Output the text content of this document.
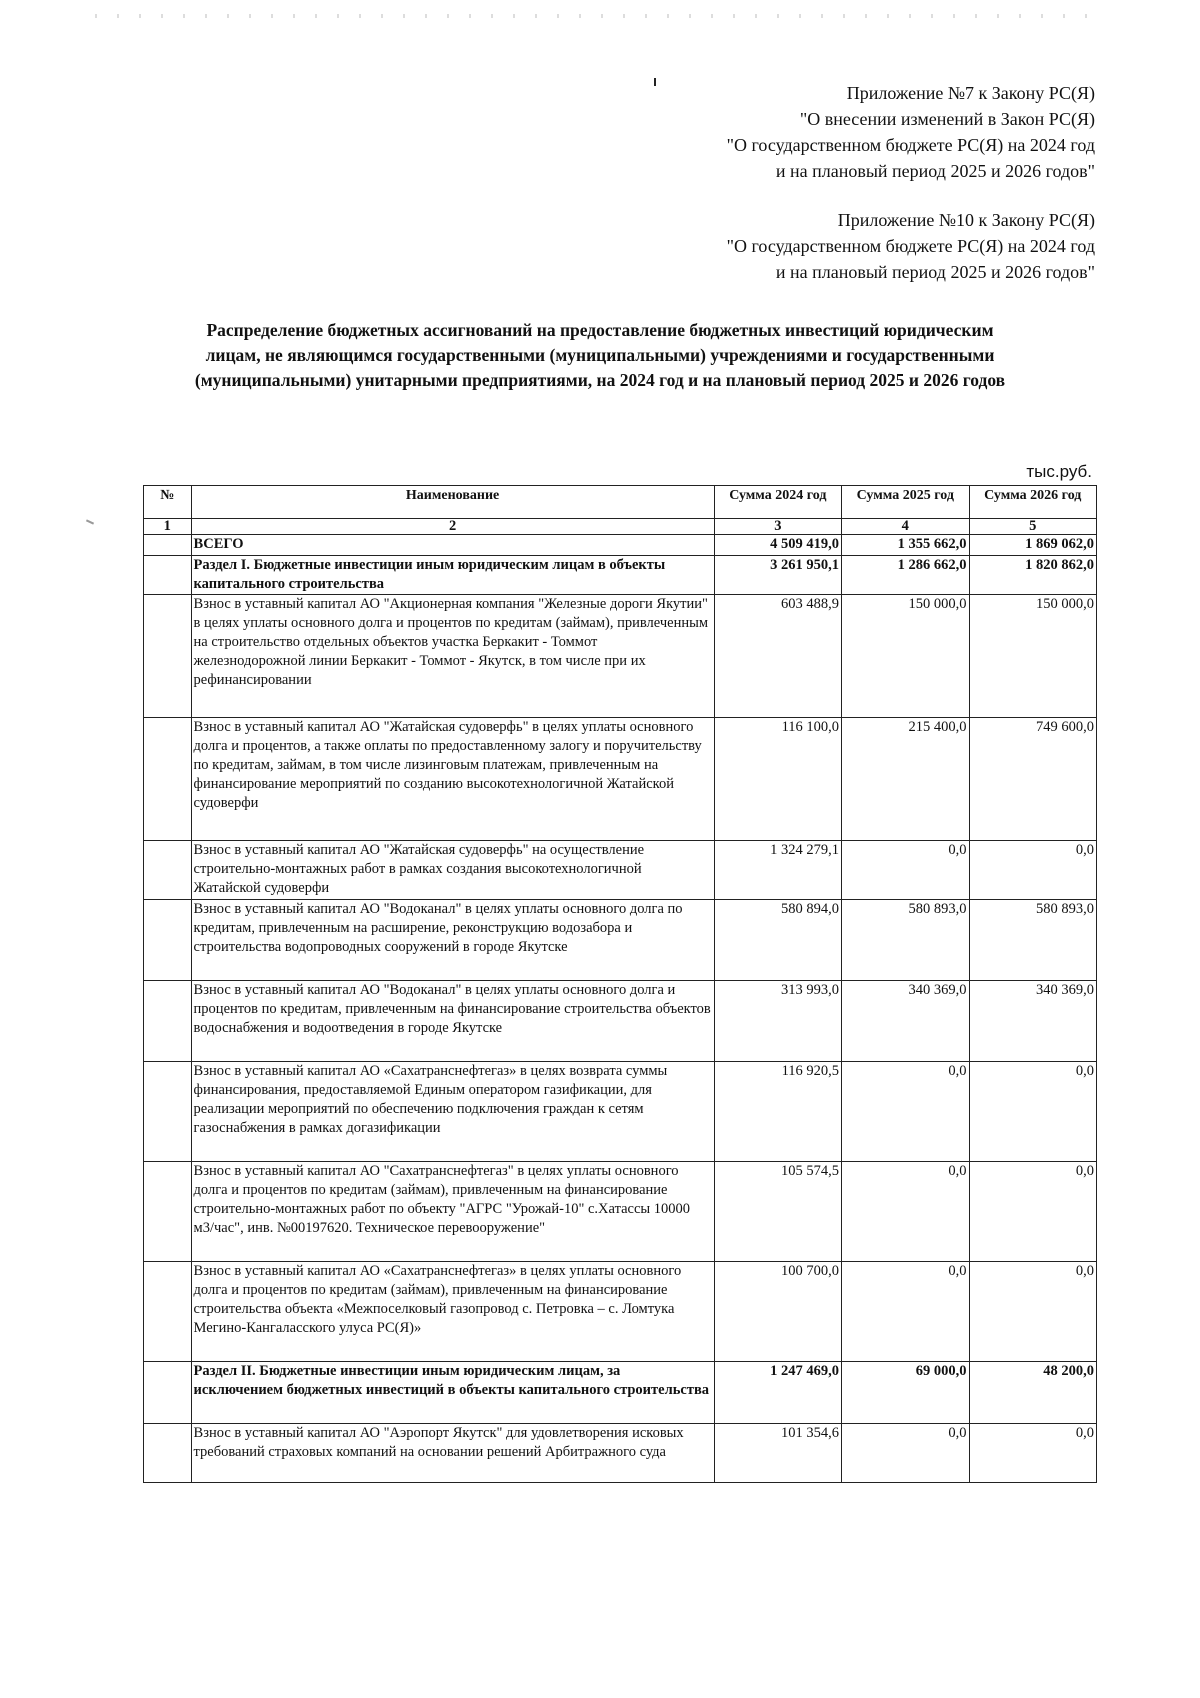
Приложение №7 к Закону РС(Я)
"О внесении изменений в Закон РС(Я)
"О государственном бюджете РС(Я) на 2024 год
и на плановый период 2025 и 2026 годов"
Приложение №10 к Закону РС(Я)
"О государственном бюджете РС(Я) на 2024 год
и на плановый период 2025 и 2026 годов"
Распределение бюджетных ассигнований на предоставление бюджетных инвестиций юридическим
лицам, не являющимся государственными (муниципальными) учреждениями и государственными
(муниципальными) унитарными предприятиями, на 2024 год и на плановый период 2025 и 2026 годов
тыс.руб.
№	Наименование	Сумма 2024 год	Сумма 2025 год	Сумма 2026 год
1	2	3	4	5
	ВСЕГО	4 509 419,0	1 355 662,0	1 869 062,0
	Раздел I. Бюджетные инвестиции иным юридическим лицам в объекты капитального строительства	3 261 950,1	1 286 662,0	1 820 862,0
	Взнос в уставный капитал АО "Акционерная компания "Железные дороги Якутии" в целях уплаты основного долга и процентов по кредитам (займам), привлеченным на строительство отдельных объектов участка Беркакит - Томмот железнодорожной линии Беркакит - Томмот - Якутск, в том числе при их рефинансировании	603 488,9	150 000,0	150 000,0
	Взнос в уставный капитал АО "Жатайская судоверфь" в целях уплаты основного долга и процентов, а также оплаты по предоставленному залогу и поручительству по кредитам, займам, в том числе лизинговым платежам, привлеченным на финансирование мероприятий по созданию высокотехнологичной Жатайской судоверфи	116 100,0	215 400,0	749 600,0
	Взнос в уставный капитал АО "Жатайская судоверфь" на осуществление строительно-монтажных работ в рамках создания высокотехнологичной Жатайской судоверфи	1 324 279,1	0,0	0,0
	Взнос в уставный капитал АО "Водоканал" в целях уплаты основного долга по кредитам, привлеченным на расширение, реконструкцию водозабора и строительства водопроводных сооружений в городе Якутске	580 894,0	580 893,0	580 893,0
	Взнос в уставный капитал АО "Водоканал" в целях уплаты основного долга и процентов по кредитам, привлеченным на финансирование строительства объектов водоснабжения и водоотведения в городе Якутске	313 993,0	340 369,0	340 369,0
	Взнос в уставный капитал АО «Сахатранснефтегаз» в целях возврата суммы финансирования, предоставляемой Единым оператором газификации, для реализации мероприятий по обеспечению подключения граждан к сетям газоснабжения в рамках догазификации	116 920,5	0,0	0,0
	Взнос в уставный капитал АО "Сахатранснефтегаз" в целях уплаты основного долга и процентов по кредитам (займам), привлеченным на финансирование строительно-монтажных работ по объекту "АГРС "Урожай-10" с.Хатассы 10000 м3/час", инв. №00197620. Техническое перевооружение"	105 574,5	0,0	0,0
	Взнос в уставный капитал АО «Сахатранснефтегаз» в целях уплаты основного долга и процентов по кредитам (займам), привлеченным на финансирование строительства объекта «Межпоселковый газопровод с. Петровка – с. Ломтука Мегино-Кангаласского улуса РС(Я)»	100 700,0	0,0	0,0
	Раздел II. Бюджетные инвестиции иным юридическим лицам, за исключением бюджетных инвестиций в объекты капитального строительства	1 247 469,0	69 000,0	48 200,0
	Взнос в уставный капитал АО "Аэропорт Якутск" для удовлетворения исковых требований страховых компаний на основании решений Арбитражного суда	101 354,6	0,0	0,0
